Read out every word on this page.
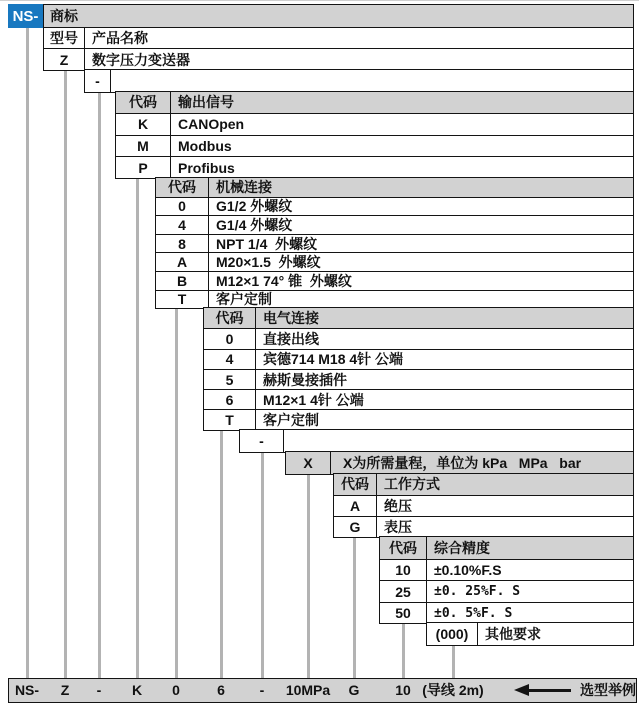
NS- 商标
型号	产品名称
Z	数字压力变送器
-
代码	输出信号
K	CANOpen
M	Modbus
P	Profibus
代码	机械连接
0	G1/2 外螺纹
4	G1/4 外螺纹
8	NPT 1/4  外螺纹
A	M20×1.5  外螺纹
B	M12×1 74° 锥  外螺纹
T	客户定制
代码	电气连接
0	直接出线
4	宾德714 M18 4针 公端
5	赫斯曼接插件
6	M12×1 4针 公端
T	客户定制
-
X	X为所需量程，单位为 kPa   MPa   bar
代码	工作方式
A	绝压
G	表压
代码	综合精度
10	±0.10%F.S
25	±0. 25%F. S
50	±0. 5%F. S
(000)	其他要求
NS-	Z	-	K	0	6	-	10MPa	G	10 (导线 2m)	选型举例
